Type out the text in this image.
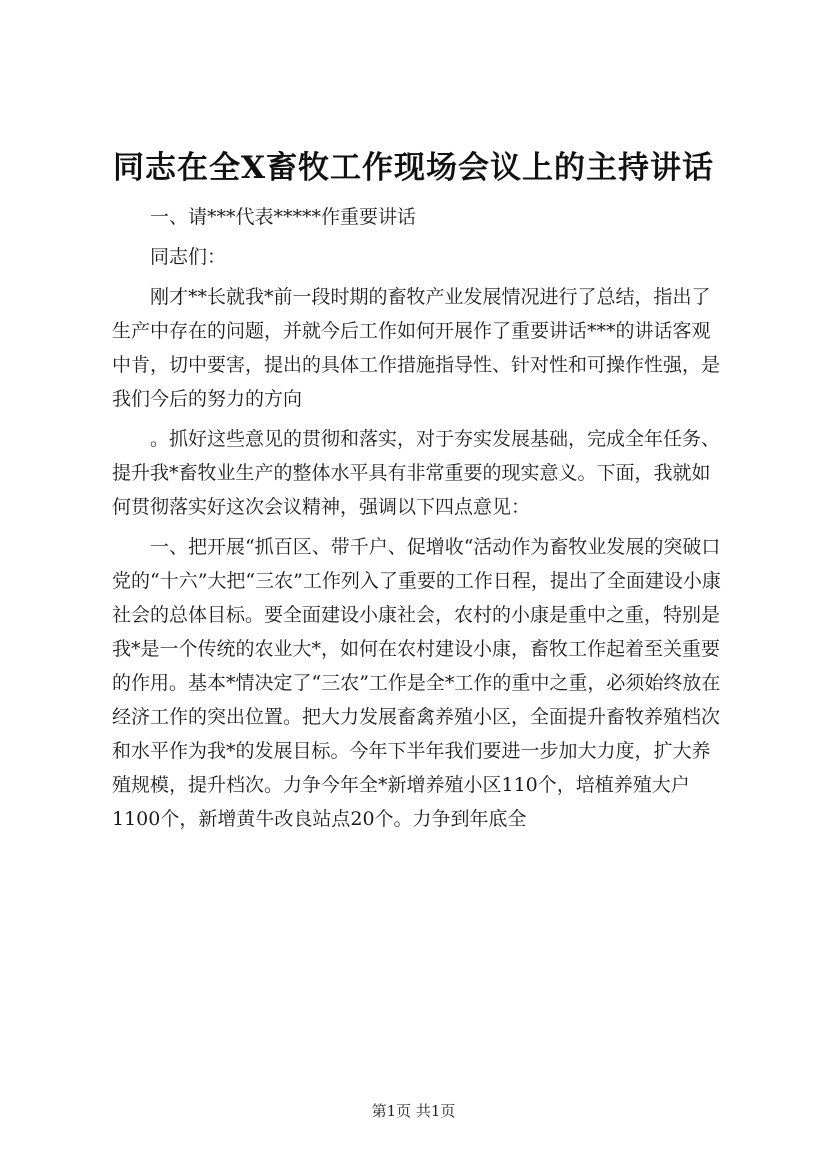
同志在全X畜牧工作现场会议上的主持讲话

一、请***代表*****作重要讲话

同志们：

刚才**长就我*前一段时期的畜牧产业发展情况进行了总结，指出了生产中存在的问题，并就今后工作如何开展作了重要讲话***的讲话客观中肯，切中要害，提出的具体工作措施指导性、针对性和可操作性强，是我们今后的努力的方向

。抓好这些意见的贯彻和落实，对于夯实发展基础，完成全年任务、提升我*畜牧业生产的整体水平具有非常重要的现实意义。下面，我就如何贯彻落实好这次会议精神，强调以下四点意见：

一、把开展“抓百区、带千户、促增收“活动作为畜牧业发展的突破口党的“十六”大把“三农”工作列入了重要的工作日程，提出了全面建设小康社会的总体目标。要全面建设小康社会，农村的小康是重中之重，特别是我*是一个传统的农业大*，如何在农村建设小康，畜牧工作起着至关重要的作用。基本*情决定了“三农”工作是全*工作的重中之重，必须始终放在经济工作的突出位置。把大力发展畜禽养殖小区，全面提升畜牧养殖档次和水平作为我*的发展目标。今年下半年我们要进一步加大力度，扩大养殖规模，提升档次。力争今年全*新增养殖小区110个，培植养殖大户1100个，新增黄牛改良站点20个。力争到年底全

第1页 共1页
